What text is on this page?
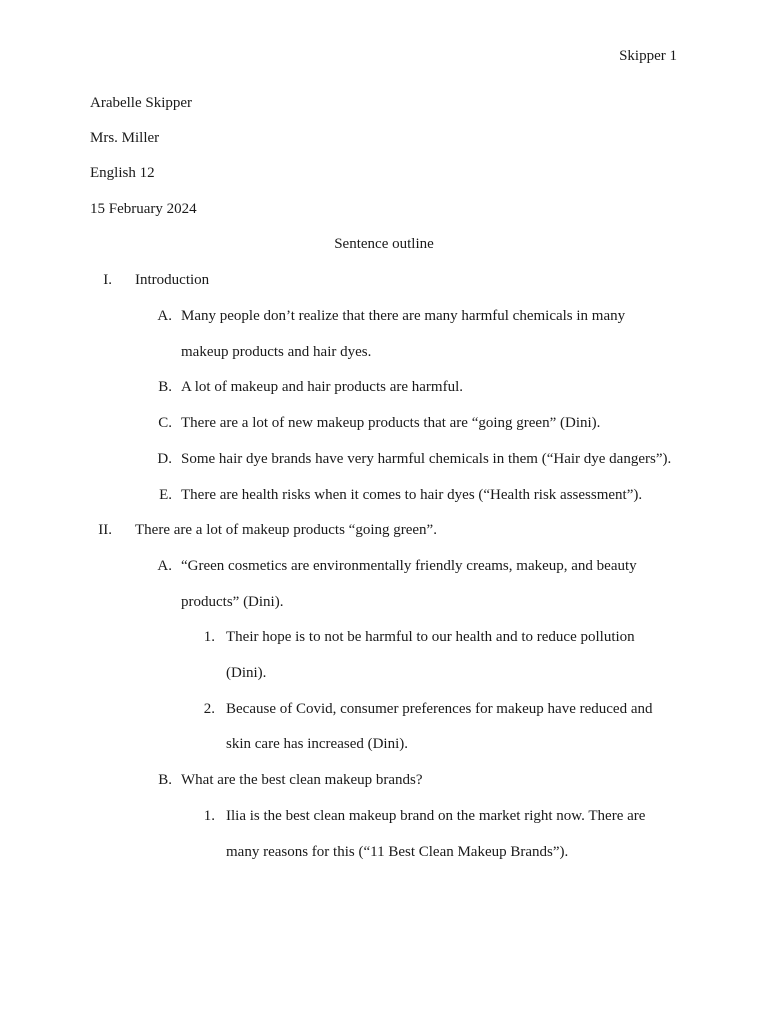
Skipper 1
Arabelle Skipper
Mrs. Miller
English 12
15 February 2024
Sentence outline
I. Introduction
A. Many people don’t realize that there are many harmful chemicals in many
makeup products and hair dyes.
B. A lot of makeup and hair products are harmful.
C. There are a lot of new makeup products that are “going green” (Dini).
D. Some hair dye brands have very harmful chemicals in them (“Hair dye dangers”).
E. There are health risks when it comes to hair dyes (“Health risk assessment”).
II. There are a lot of makeup products “going green”.
A. “Green cosmetics are environmentally friendly creams, makeup, and beauty
products” (Dini).
1. Their hope is to not be harmful to our health and to reduce pollution
(Dini).
2. Because of Covid, consumer preferences for makeup have reduced and
skin care has increased (Dini).
B. What are the best clean makeup brands?
1. Ilia is the best clean makeup brand on the market right now. There are
many reasons for this (“11 Best Clean Makeup Brands”).
